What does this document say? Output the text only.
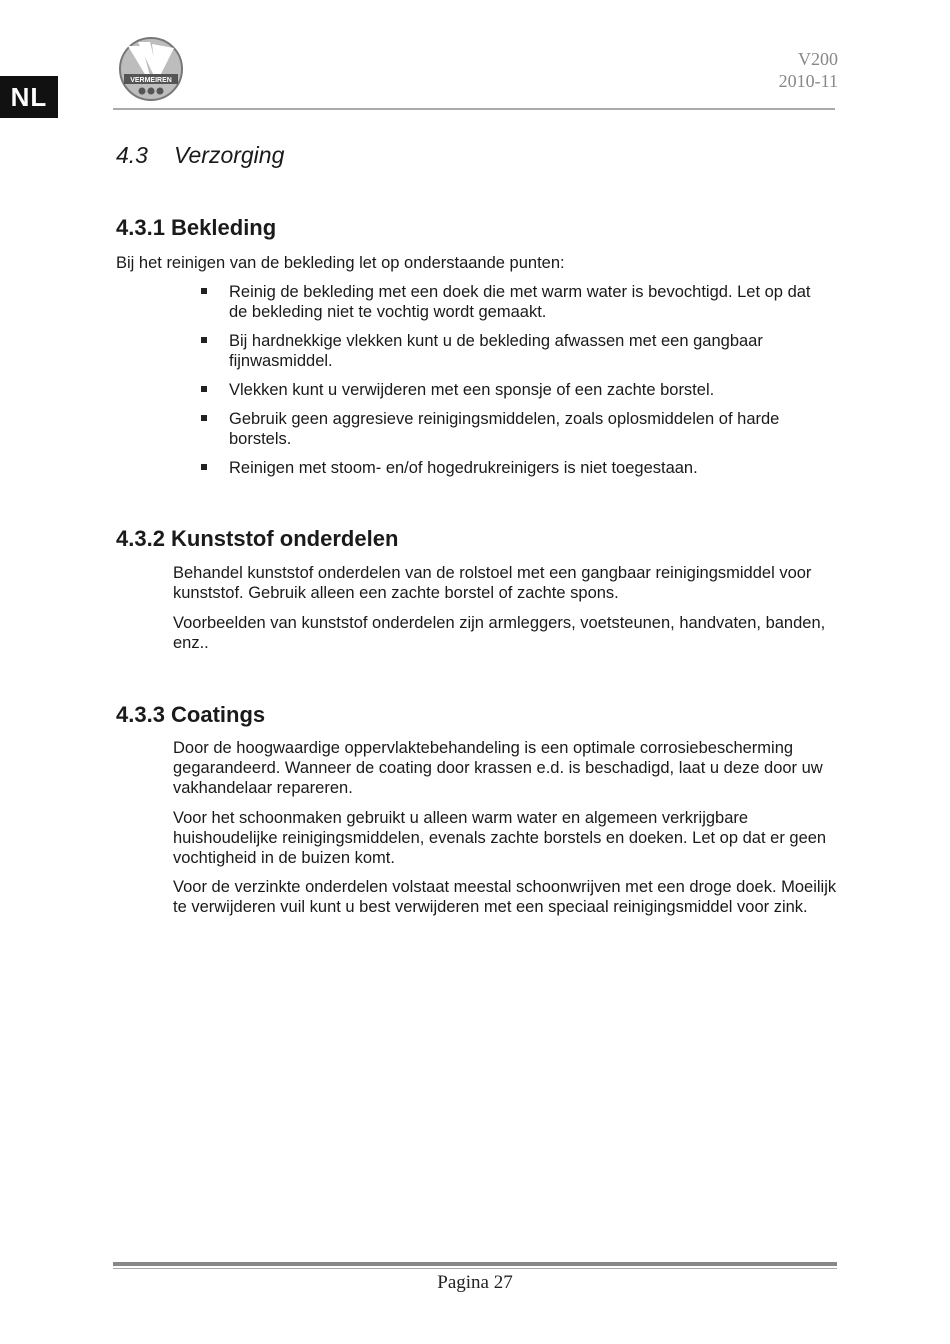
NL
VERMEIREN
V200
2010-11
4.3 Verzorging
4.3.1 Bekleding

Bij het reinigen van de bekleding let op onderstaande punten:

Reinig de bekleding met een doek die met warm water is bevochtigd. Let op dat de bekleding niet te vochtig wordt gemaakt.
Bij hardnekkige vlekken kunt u de bekleding afwassen met een gangbaar fijnwasmiddel.
Vlekken kunt u verwijderen met een sponsje of een zachte borstel.
Gebruik geen aggresieve reinigingsmiddelen, zoals oplosmiddelen of harde borstels.
Reinigen met stoom- en/of hogedrukreinigers is niet toegestaan.
4.3.2 Kunststof onderdelen

Behandel kunststof onderdelen van de rolstoel met een gangbaar reinigingsmiddel voor kunststof. Gebruik alleen een zachte borstel of zachte spons.

Voorbeelden van kunststof onderdelen zijn armleggers, voetsteunen, handvaten, banden, enz..

4.3.3 Coatings

Door de hoogwaardige oppervlaktebehandeling is een optimale corrosiebescherming gegarandeerd. Wanneer de coating door krassen e.d. is beschadigd, laat u deze door uw vakhandelaar repareren.

Voor het schoonmaken gebruikt u alleen warm water en algemeen verkrijgbare huishoudelijke reinigingsmiddelen, evenals zachte borstels en doeken. Let op dat er geen vochtigheid in de buizen komt.

Voor de verzinkte onderdelen volstaat meestal schoonwrijven met een droge doek. Moeilijk te verwijderen vuil kunt u best verwijderen met een speciaal reinigingsmiddel voor zink.

Pagina 27
